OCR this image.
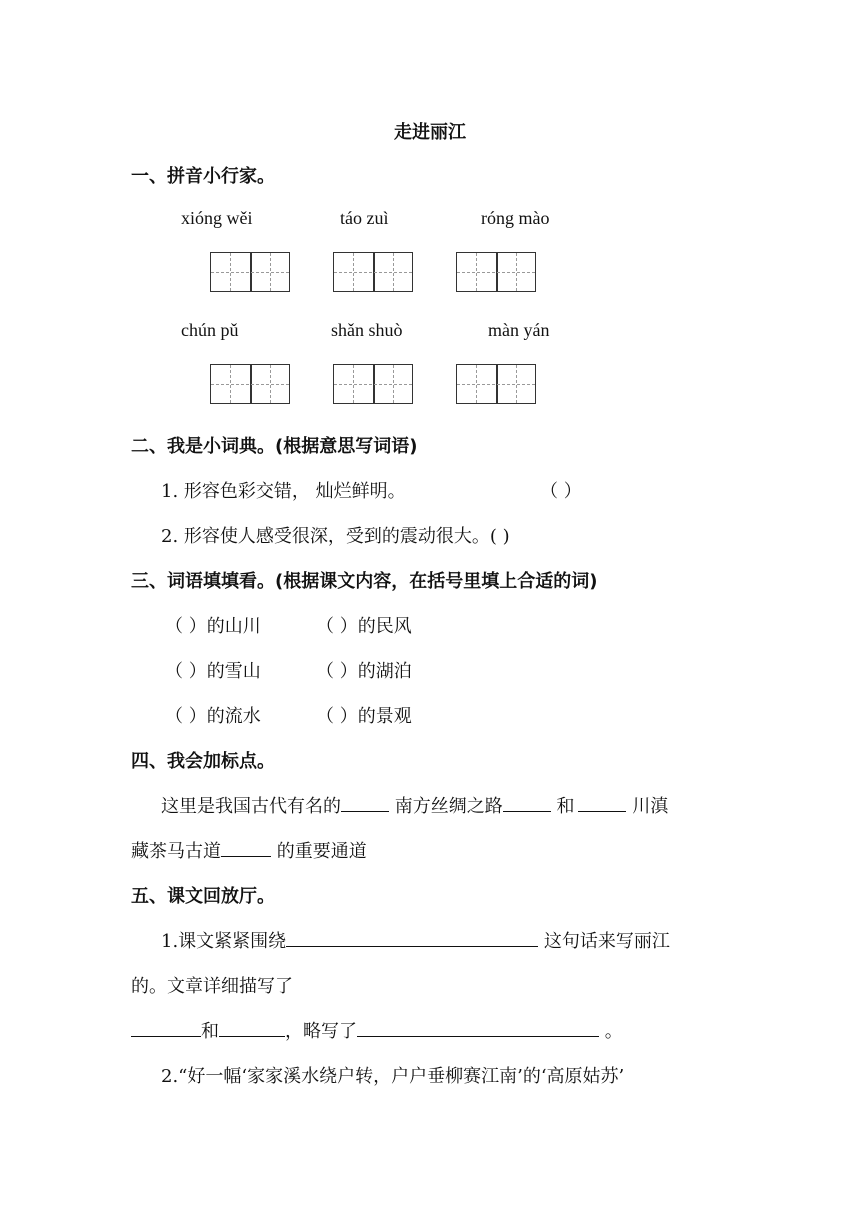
走进丽江
一、拼音小行家。
xióng wěi	táo zuì	róng mào
chún pǔ	shǎn shuò	màn yán
二、我是小词典。(根据意思写词语)
1. 形容色彩交错， 灿烂鲜明。	（ ）
2. 形容使人感受很深，受到的震动很大。( )
三、词语填填看。(根据课文内容，在括号里填上合适的词)
（ ）的山川	（ ）的民风
（ ）的雪山	（ ）的湖泊
（ ）的流水	（ ）的景观
四、我会加标点。
这里是我国古代有名的	南方丝绸之路	和	川滇
藏茶马古道	的重要通道
五、课文回放厅。
1.课文紧紧围绕	这句话来写丽江
的。文章详细描写了
和	，略写了	。
2.“好一幅‘家家溪水绕户转，户户垂柳赛江南’的‘高原姑苏’
